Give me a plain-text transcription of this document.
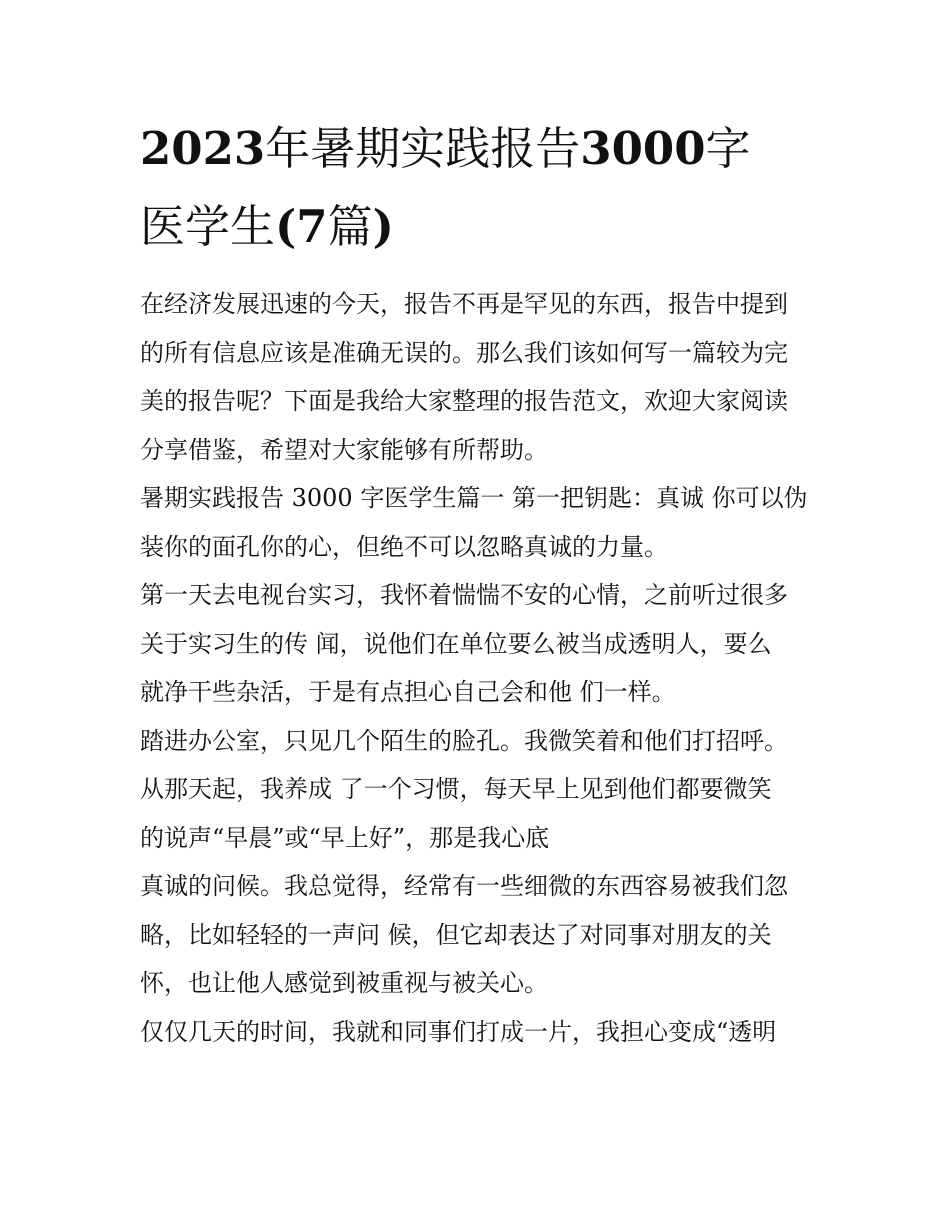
2023年暑期实践报告3000字
医学生(7篇)
在经济发展迅速的今天，报告不再是罕见的东西，报告中提到
的所有信息应该是准确无误的。那么我们该如何写一篇较为完
美的报告呢？下面是我给大家整理的报告范文，欢迎大家阅读
分享借鉴，希望对大家能够有所帮助。
暑期实践报告 3000 字医学生篇一 第一把钥匙：真诚 你可以伪
装你的面孔你的心，但绝不可以忽略真诚的力量。
第一天去电视台实习，我怀着惴惴不安的心情，之前听过很多
关于实习生的传 闻，说他们在单位要么被当成透明人，要么
就净干些杂活，于是有点担心自己会和他 们一样。
踏进办公室，只见几个陌生的脸孔。我微笑着和他们打招呼。
从那天起，我养成 了一个习惯，每天早上见到他们都要微笑
的说声“早晨”或“早上好”，那是我心底
真诚的问候。我总觉得，经常有一些细微的东西容易被我们忽
略，比如轻轻的一声问 候，但它却表达了对同事对朋友的关
怀，也让他人感觉到被重视与被关心。
仅仅几天的时间，我就和同事们打成一片，我担心变成“透明
